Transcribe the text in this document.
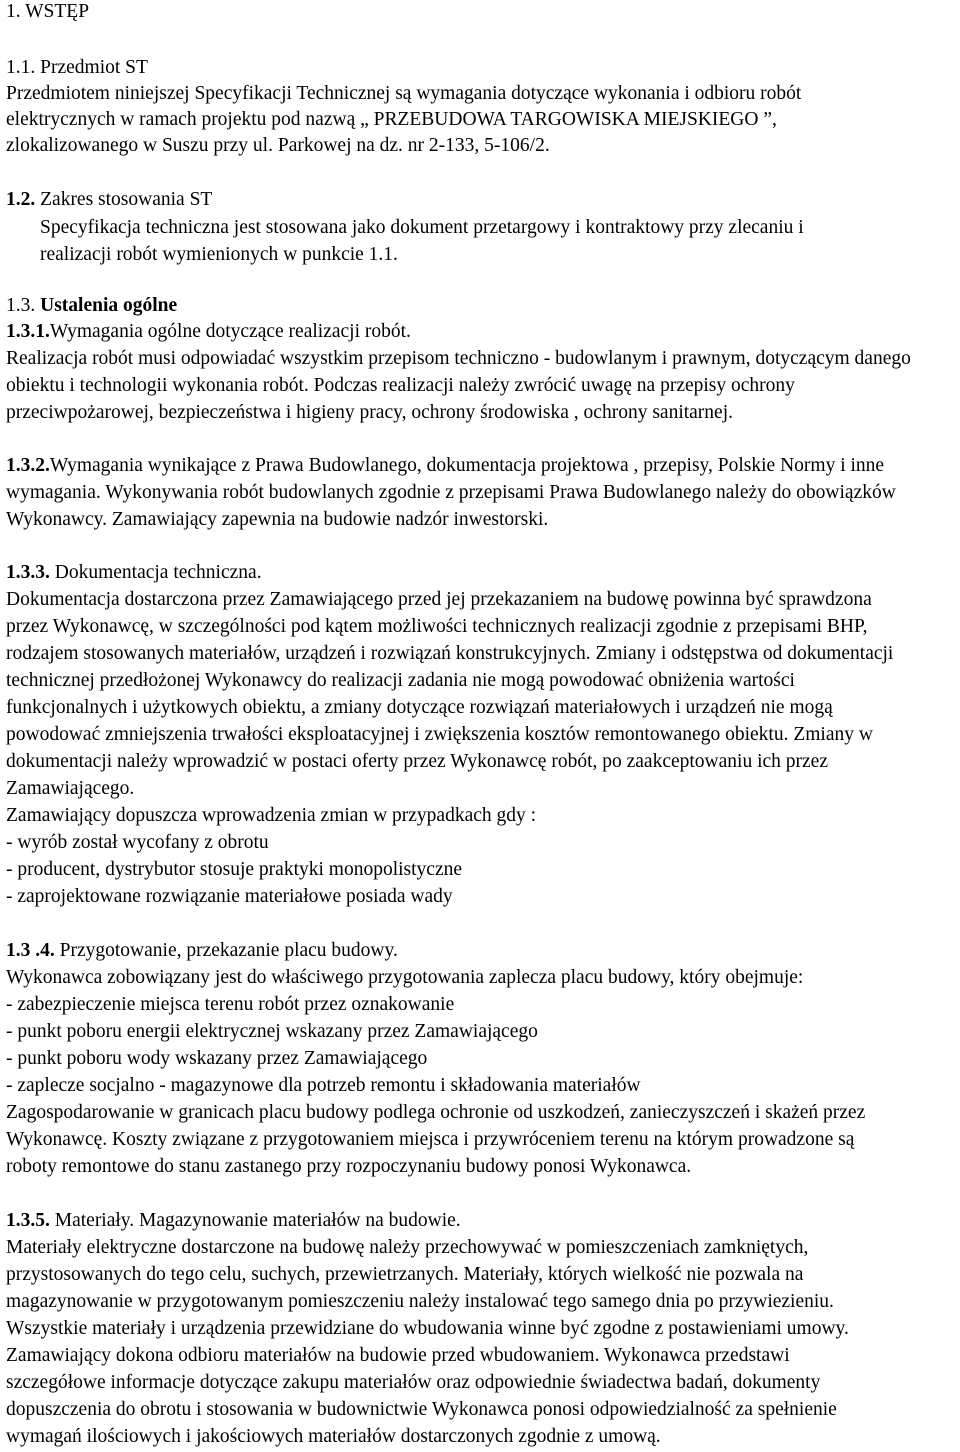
1. WSTĘP
1.1. Przedmiot ST
Przedmiotem niniejszej Specyfikacji Technicznej są wymagania dotyczące wykonania i odbioru robót
elektrycznych w ramach projektu pod nazwą „ PRZEBUDOWA TARGOWISKA MIEJSKIEGO ”,
zlokalizowanego w Suszu przy ul. Parkowej na dz. nr 2-133, 5-106/2.
1.2. Zakres stosowania ST
Specyfikacja techniczna jest stosowana jako dokument przetargowy i kontraktowy przy zlecaniu i
realizacji robót wymienionych w punkcie 1.1.
1.3. Ustalenia ogólne
1.3.1.Wymagania ogólne dotyczące realizacji robót.
Realizacja robót musi odpowiadać wszystkim przepisom techniczno - budowlanym i prawnym, dotyczącym danego
obiektu i technologii wykonania robót. Podczas realizacji należy zwrócić uwagę na przepisy ochrony
przeciwpożarowej, bezpieczeństwa i higieny pracy, ochrony środowiska , ochrony sanitarnej.
1.3.2.Wymagania wynikające z Prawa Budowlanego, dokumentacja projektowa , przepisy, Polskie Normy i inne
wymagania. Wykonywania robót budowlanych zgodnie z przepisami Prawa Budowlanego należy do obowiązków
Wykonawcy. Zamawiający zapewnia na budowie nadzór inwestorski.
1.3.3. Dokumentacja techniczna.
Dokumentacja dostarczona przez Zamawiającego przed jej przekazaniem na budowę powinna być sprawdzona
przez Wykonawcę, w szczególności pod kątem możliwości technicznych realizacji zgodnie z przepisami BHP,
rodzajem stosowanych materiałów, urządzeń i rozwiązań konstrukcyjnych. Zmiany i odstępstwa od dokumentacji
technicznej przedłożonej Wykonawcy do realizacji zadania nie mogą powodować obniżenia wartości
funkcjonalnych i użytkowych obiektu, a zmiany dotyczące rozwiązań materiałowych i urządzeń nie mogą
powodować zmniejszenia trwałości eksploatacyjnej i zwiększenia kosztów remontowanego obiektu. Zmiany w
dokumentacji należy wprowadzić w postaci oferty przez Wykonawcę robót, po zaakceptowaniu ich przez
Zamawiającego.
Zamawiający dopuszcza wprowadzenia zmian w przypadkach gdy :
- wyrób został wycofany z obrotu
- producent, dystrybutor stosuje praktyki monopolistyczne
- zaprojektowane rozwiązanie materiałowe posiada wady
1.3 .4. Przygotowanie, przekazanie placu budowy.
Wykonawca zobowiązany jest do właściwego przygotowania zaplecza placu budowy, który obejmuje:
- zabezpieczenie miejsca terenu robót przez oznakowanie
- punkt poboru energii elektrycznej wskazany przez Zamawiającego
- punkt poboru wody wskazany przez Zamawiającego
- zaplecze socjalno - magazynowe dla potrzeb remontu i składowania materiałów
Zagospodarowanie w granicach placu budowy podlega ochronie od uszkodzeń, zanieczyszczeń i skażeń przez
Wykonawcę. Koszty związane z przygotowaniem miejsca i przywróceniem terenu na którym prowadzone są
roboty remontowe do stanu zastanego przy rozpoczynaniu budowy ponosi Wykonawca.
1.3.5. Materiały. Magazynowanie materiałów na budowie.
Materiały elektryczne dostarczone na budowę należy przechowywać w pomieszczeniach zamkniętych,
przystosowanych do tego celu, suchych, przewietrzanych. Materiały, których wielkość nie pozwala na
magazynowanie w przygotowanym pomieszczeniu należy instalować tego samego dnia po przywiezieniu.
Wszystkie materiały i urządzenia przewidziane do wbudowania winne być zgodne z postawieniami umowy.
Zamawiający dokona odbioru materiałów na budowie przed wbudowaniem. Wykonawca przedstawi
szczegółowe informacje dotyczące zakupu materiałów oraz odpowiednie świadectwa badań, dokumenty
dopuszczenia do obrotu i stosowania w budownictwie Wykonawca ponosi odpowiedzialność za spełnienie
wymagań ilościowych i jakościowych materiałów dostarczonych zgodnie z umową.
